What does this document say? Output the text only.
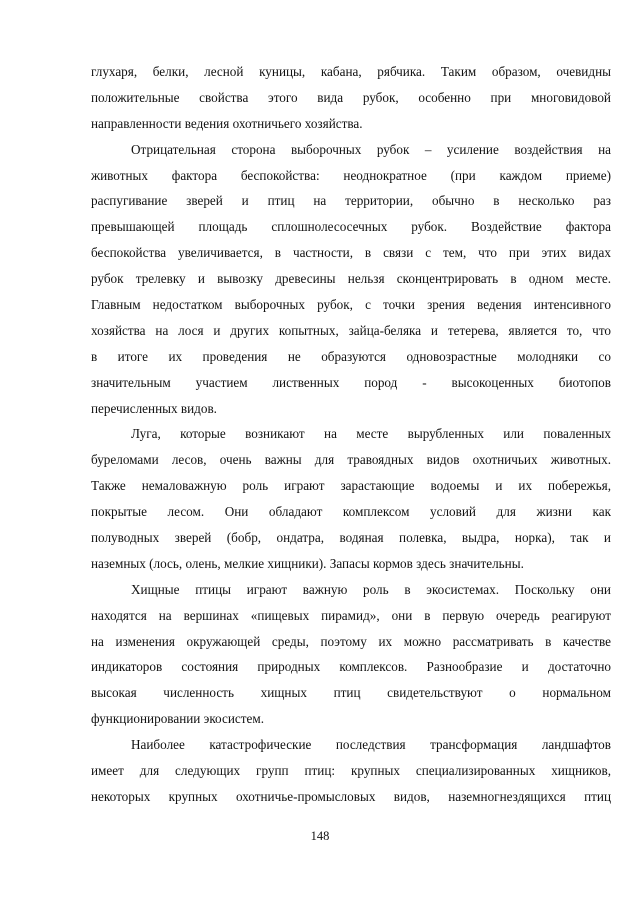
глухаря, белки, лесной куницы, кабана, рябчика. Таким образом, очевидны
положительные свойства этого вида рубок, особенно при многовидовой
направленности ведения охотничьего хозяйства.
Отрицательная сторона выборочных рубок – усиление воздействия на
животных фактора беспокойства: неоднократное (при каждом приеме)
распугивание зверей и птиц на территории, обычно в несколько раз
превышающей площадь сплошнолесосечных рубок. Воздействие фактора
беспокойства увеличивается, в частности, в связи с тем, что при этих видах
рубок трелевку и вывозку древесины нельзя сконцентрировать в одном месте.
Главным недостатком выборочных рубок, с точки зрения ведения интенсивного
хозяйства на лося и других копытных, зайца-беляка и тетерева, является то, что
в итоге их проведения не образуются одновозрастные молодняки со
значительным участием лиственных пород - высокоценных биотопов
перечисленных видов.
Луга, которые возникают на месте вырубленных или поваленных
буреломами лесов, очень важны для травоядных видов охотничьих животных.
Также немаловажную роль играют зарастающие водоемы и их побережья,
покрытые лесом. Они обладают комплексом условий для жизни как
полуводных зверей (бобр, ондатра, водяная полевка, выдра, норка), так и
наземных (лось, олень, мелкие хищники). Запасы кормов здесь значительны.
Хищные птицы играют важную роль в экосистемах. Поскольку они
находятся на вершинах «пищевых пирамид», они в первую очередь реагируют
на изменения окружающей среды, поэтому их можно рассматривать в качестве
индикаторов состояния природных комплексов. Разнообразие и достаточно
высокая численность хищных птиц свидетельствуют о нормальном
функционировании экосистем.
Наиболее катастрофические последствия трансформация ландшафтов
имеет для следующих групп птиц: крупных специализированных хищников,
некоторых крупных охотничье-промысловых видов, наземногнездящихся птиц
148
